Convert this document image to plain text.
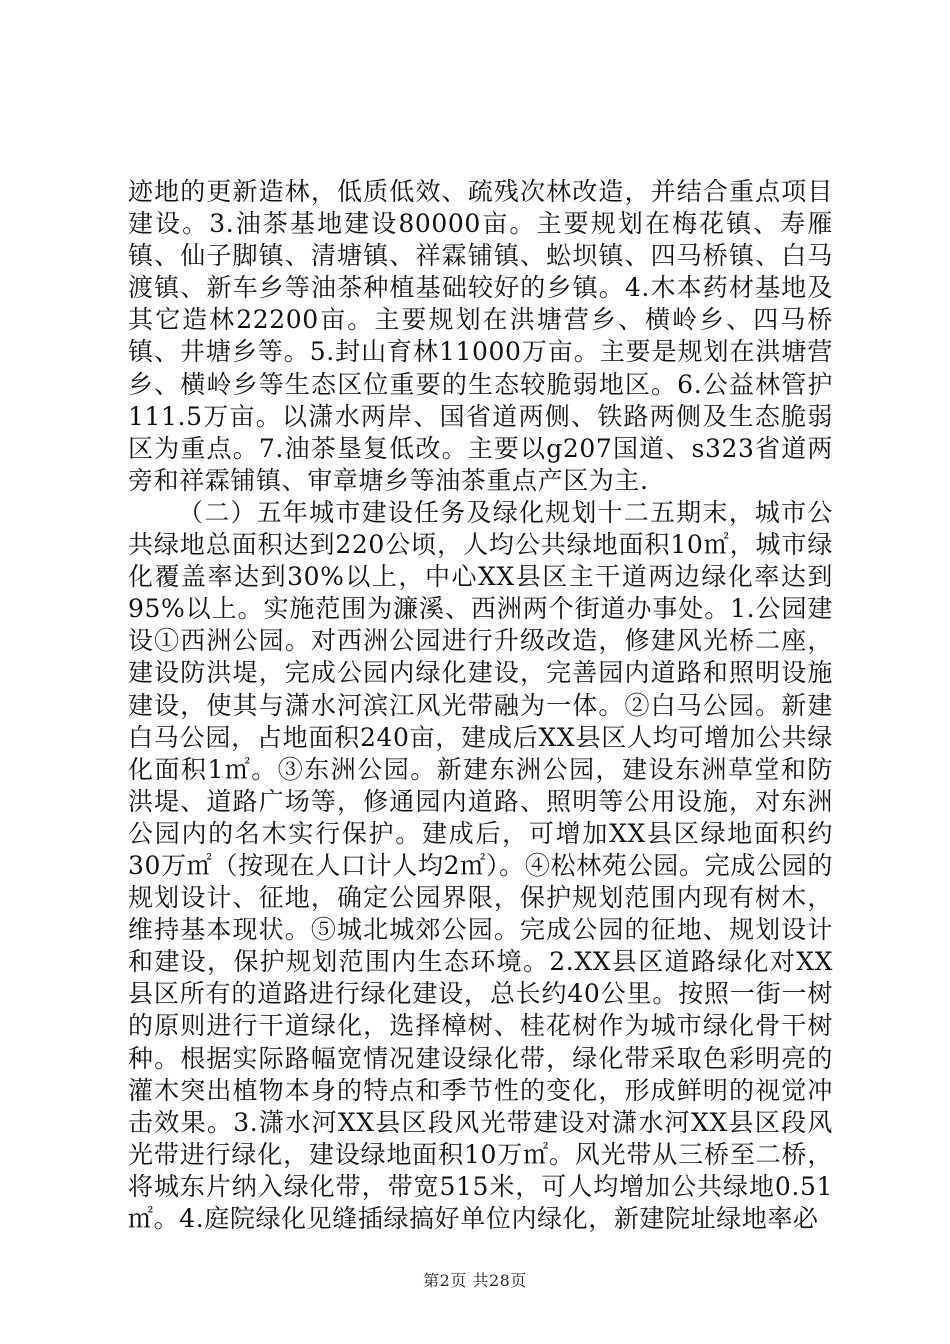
迹地的更新造林，低质低效、疏残次林改造，并结合重点项目建设。3.油茶基地建设80000亩。主要规划在梅花镇、寿雁镇、仙子脚镇、清塘镇、祥霖铺镇、蚣坝镇、四马桥镇、白马渡镇、新车乡等油茶种植基础较好的乡镇。4.木本药材基地及其它造林22200亩。主要规划在洪塘营乡、横岭乡、四马桥镇、井塘乡等。5.封山育林11000万亩。主要是规划在洪塘营乡、横岭乡等生态区位重要的生态较脆弱地区。6.公益林管护111.5万亩。以潇水两岸、国省道两侧、铁路两侧及生态脆弱区为重点。7.油茶垦复低改。主要以g207国道、s323省道两旁和祥霖铺镇、审章塘乡等油茶重点产区为主.

（二）五年城市建设任务及绿化规划十二五期末，城市公共绿地总面积达到220公顷，人均公共绿地面积10㎡，城市绿化覆盖率达到30%以上，中心XX县区主干道两边绿化率达到95%以上。实施范围为濂溪、西洲两个街道办事处。1.公园建设①西洲公园。对西洲公园进行升级改造，修建风光桥二座，建设防洪堤，完成公园内绿化建设，完善园内道路和照明设施建设，使其与潇水河滨江风光带融为一体。②白马公园。新建白马公园，占地面积240亩，建成后XX县区人均可增加公共绿化面积1㎡。③东洲公园。新建东洲公园，建设东洲草堂和防洪堤、道路广场等，修通园内道路、照明等公用设施，对东洲公园内的名木实行保护。建成后，可增加XX县区绿地面积约30万㎡（按现在人口计人均2㎡）。④松林苑公园。完成公园的规划设计、征地，确定公园界限，保护规划范围内现有树木，维持基本现状。⑤城北城郊公园。完成公园的征地、规划设计和建设，保护规划范围内生态环境。2.XX县区道路绿化对XX县区所有的道路进行绿化建设，总长约40公里。按照一街一树的原则进行干道绿化，选择樟树、桂花树作为城市绿化骨干树种。根据实际路幅宽情况建设绿化带，绿化带采取色彩明亮的灌木突出植物本身的特点和季节性的变化，形成鲜明的视觉冲击效果。3.潇水河XX县区段风光带建设对潇水河XX县区段风光带进行绿化，建设绿地面积10万㎡。风光带从三桥至二桥，将城东片纳入绿化带，带宽515米，可人均增加公共绿地0.51㎡。4.庭院绿化见缝插绿搞好单位内绿化，新建院址绿地率必

第2页 共28页
